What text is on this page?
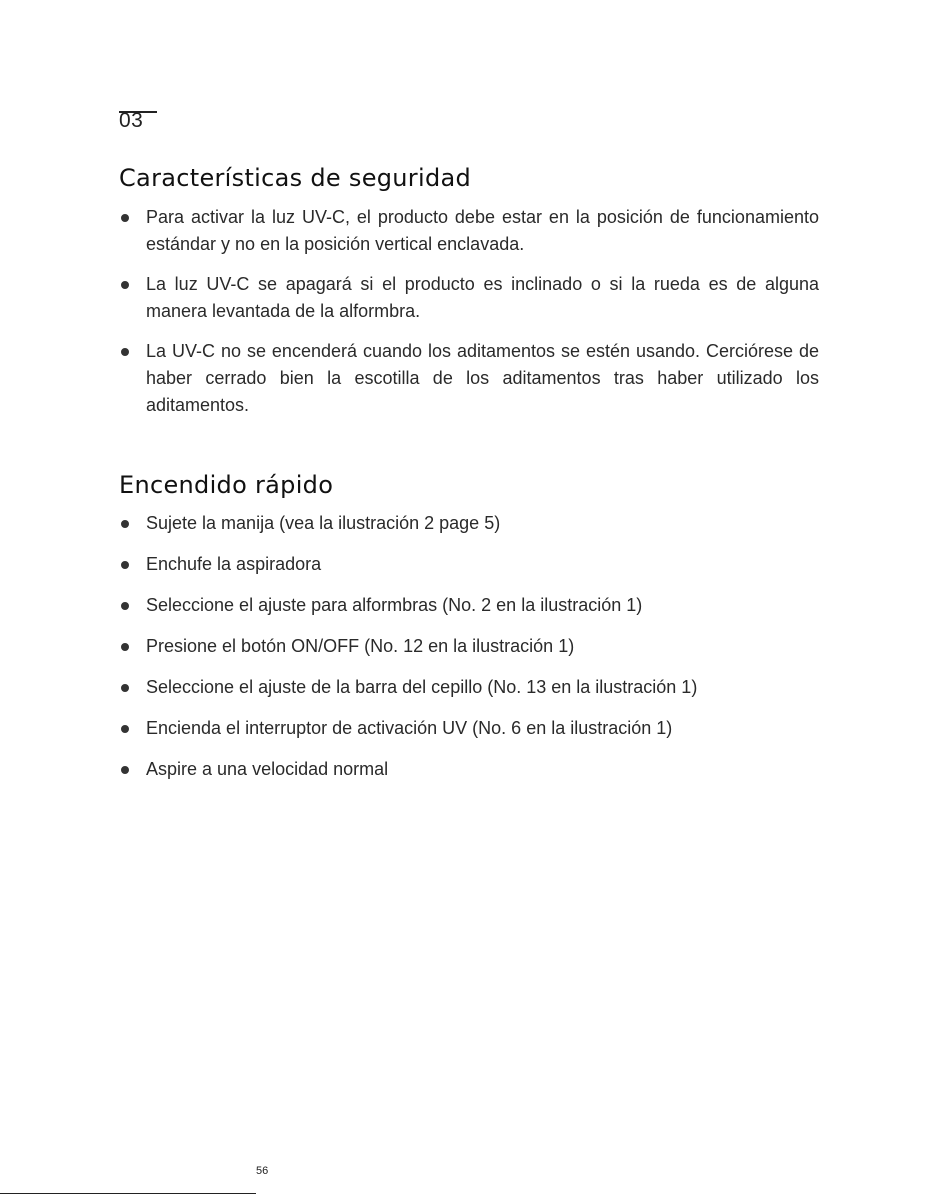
03
Características de seguridad
Para activar la luz UV-C, el producto debe estar en la posición de funcionamiento estándar y no en la posición vertical enclavada.
La luz UV-C se apagará si el producto es inclinado o si la rueda es de alguna manera levantada de la alformbra.
La UV-C no se encenderá cuando los aditamentos se estén usando. Cerciórese de haber cerrado bien la escotilla de los aditamentos tras haber utilizado los aditamentos.
Encendido rápido
Sujete la manija (vea la ilustración 2 page 5)
Enchufe la aspiradora
Seleccione el ajuste para alformbras (No. 2 en la ilustración 1)
Presione el botón ON/OFF (No. 12 en la ilustración 1)
Seleccione el ajuste de la barra del cepillo (No. 13 en la ilustración 1)
Encienda el interruptor de activación UV (No. 6 en la ilustración 1)
Aspire a una velocidad normal
56
